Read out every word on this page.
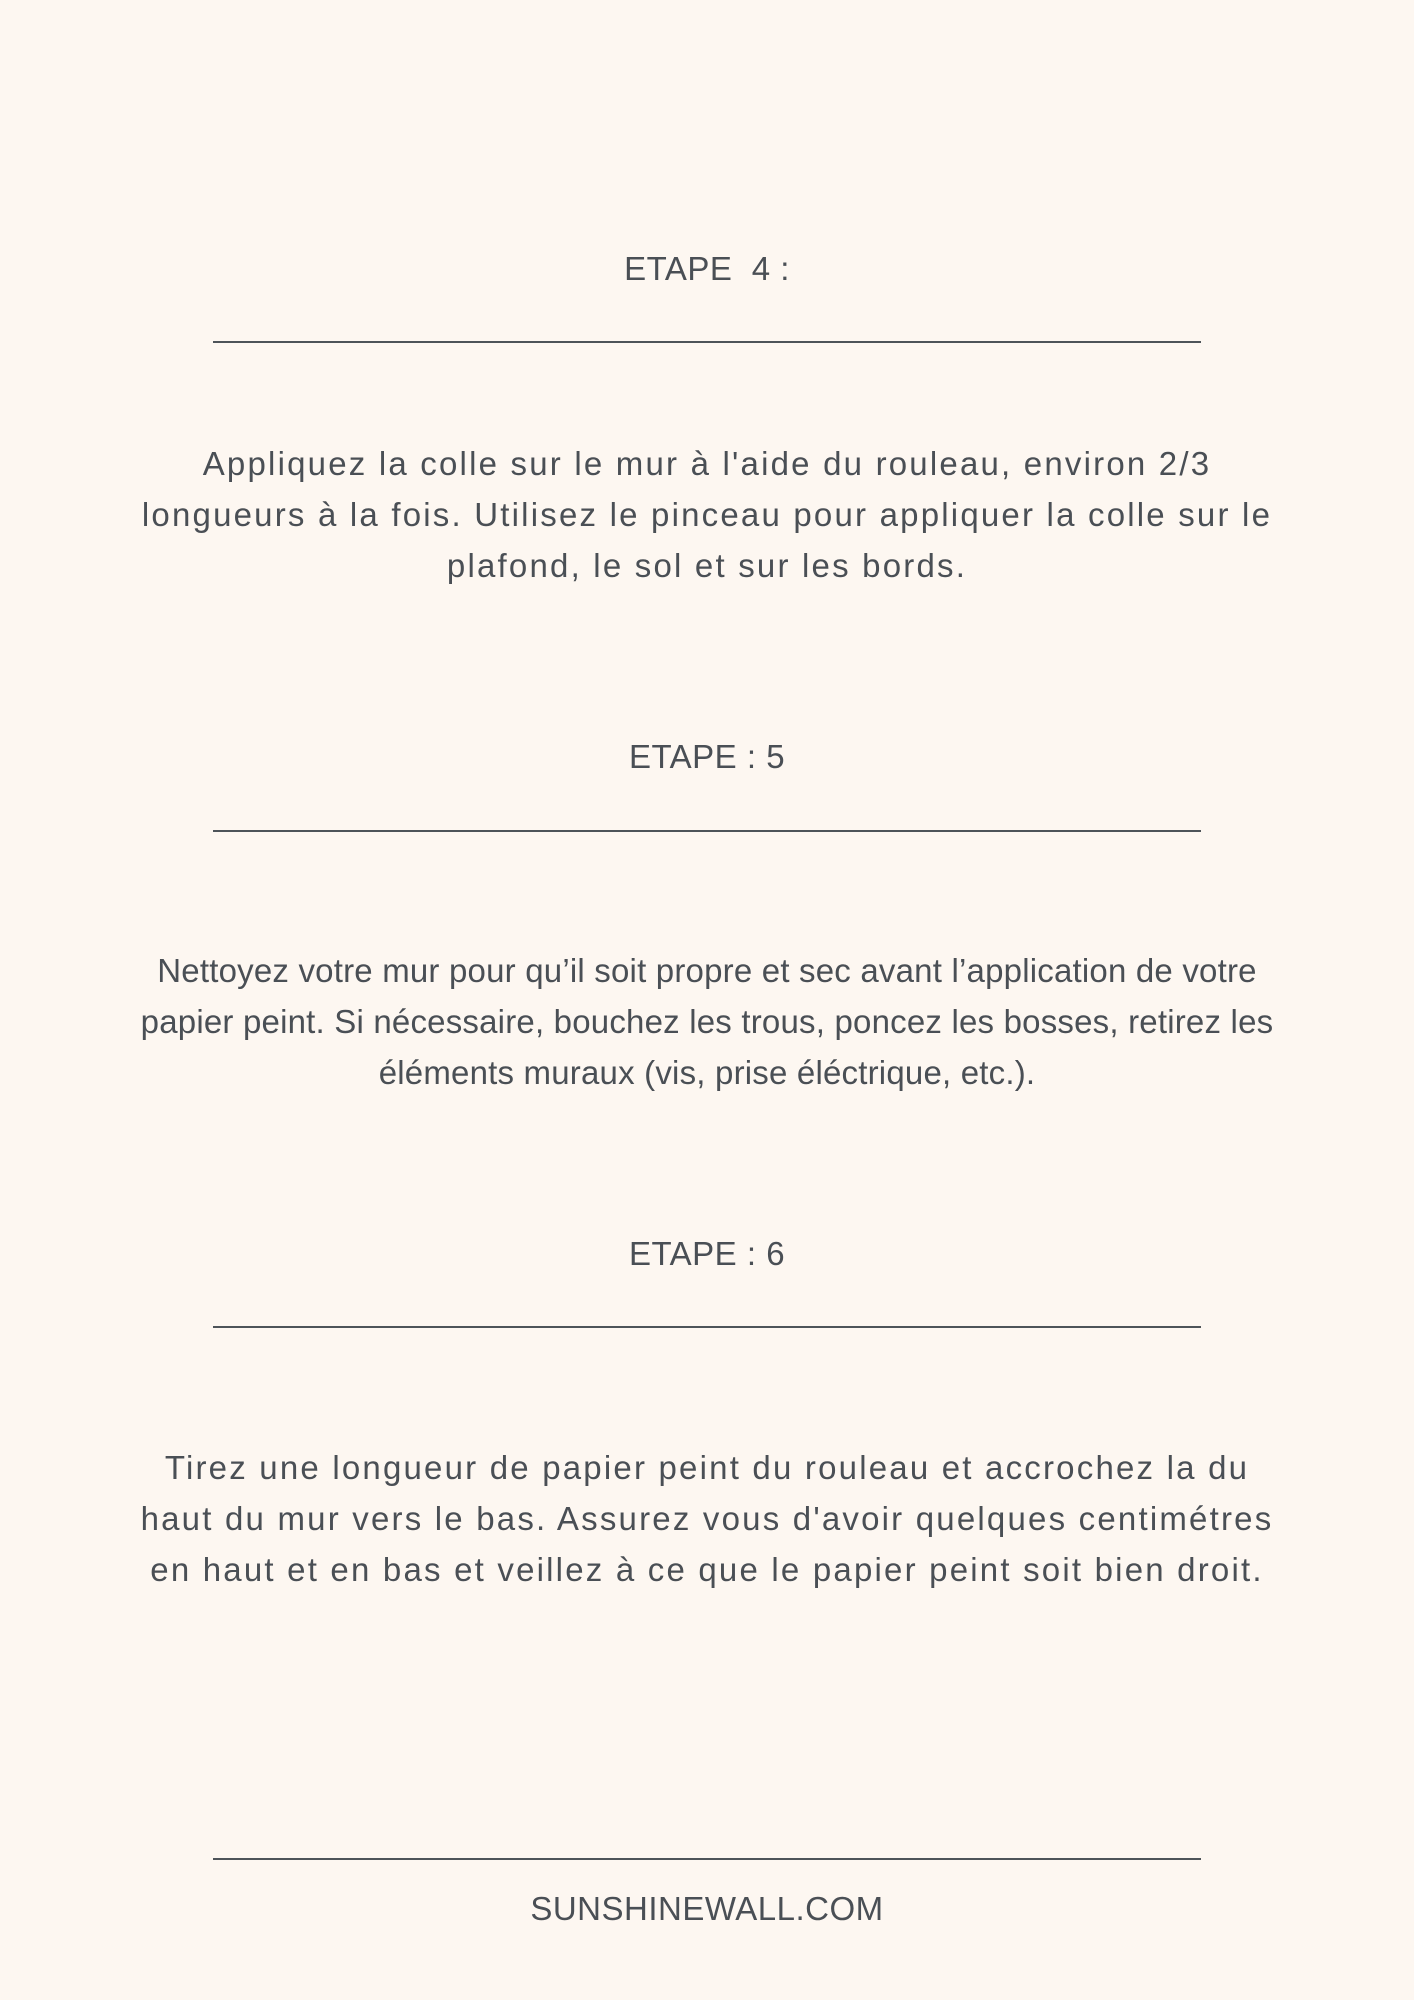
ETAPE  4 :
Appliquez la colle sur le mur à l'aide du rouleau, environ 2/3 longueurs à la fois. Utilisez le pinceau pour appliquer la colle sur le plafond, le sol et sur les bords.
ETAPE : 5
Nettoyez votre mur pour qu’il soit propre et sec avant l’application de votre papier peint. Si nécessaire, bouchez les trous, poncez les bosses, retirez les éléments muraux (vis, prise éléctrique, etc.).
ETAPE : 6
Tirez une longueur de papier peint du rouleau et accrochez la du haut du mur vers le bas. Assurez vous d'avoir quelques centimétres en haut et en bas et veillez à ce que le papier peint soit bien droit.
SUNSHINEWALL.COM
